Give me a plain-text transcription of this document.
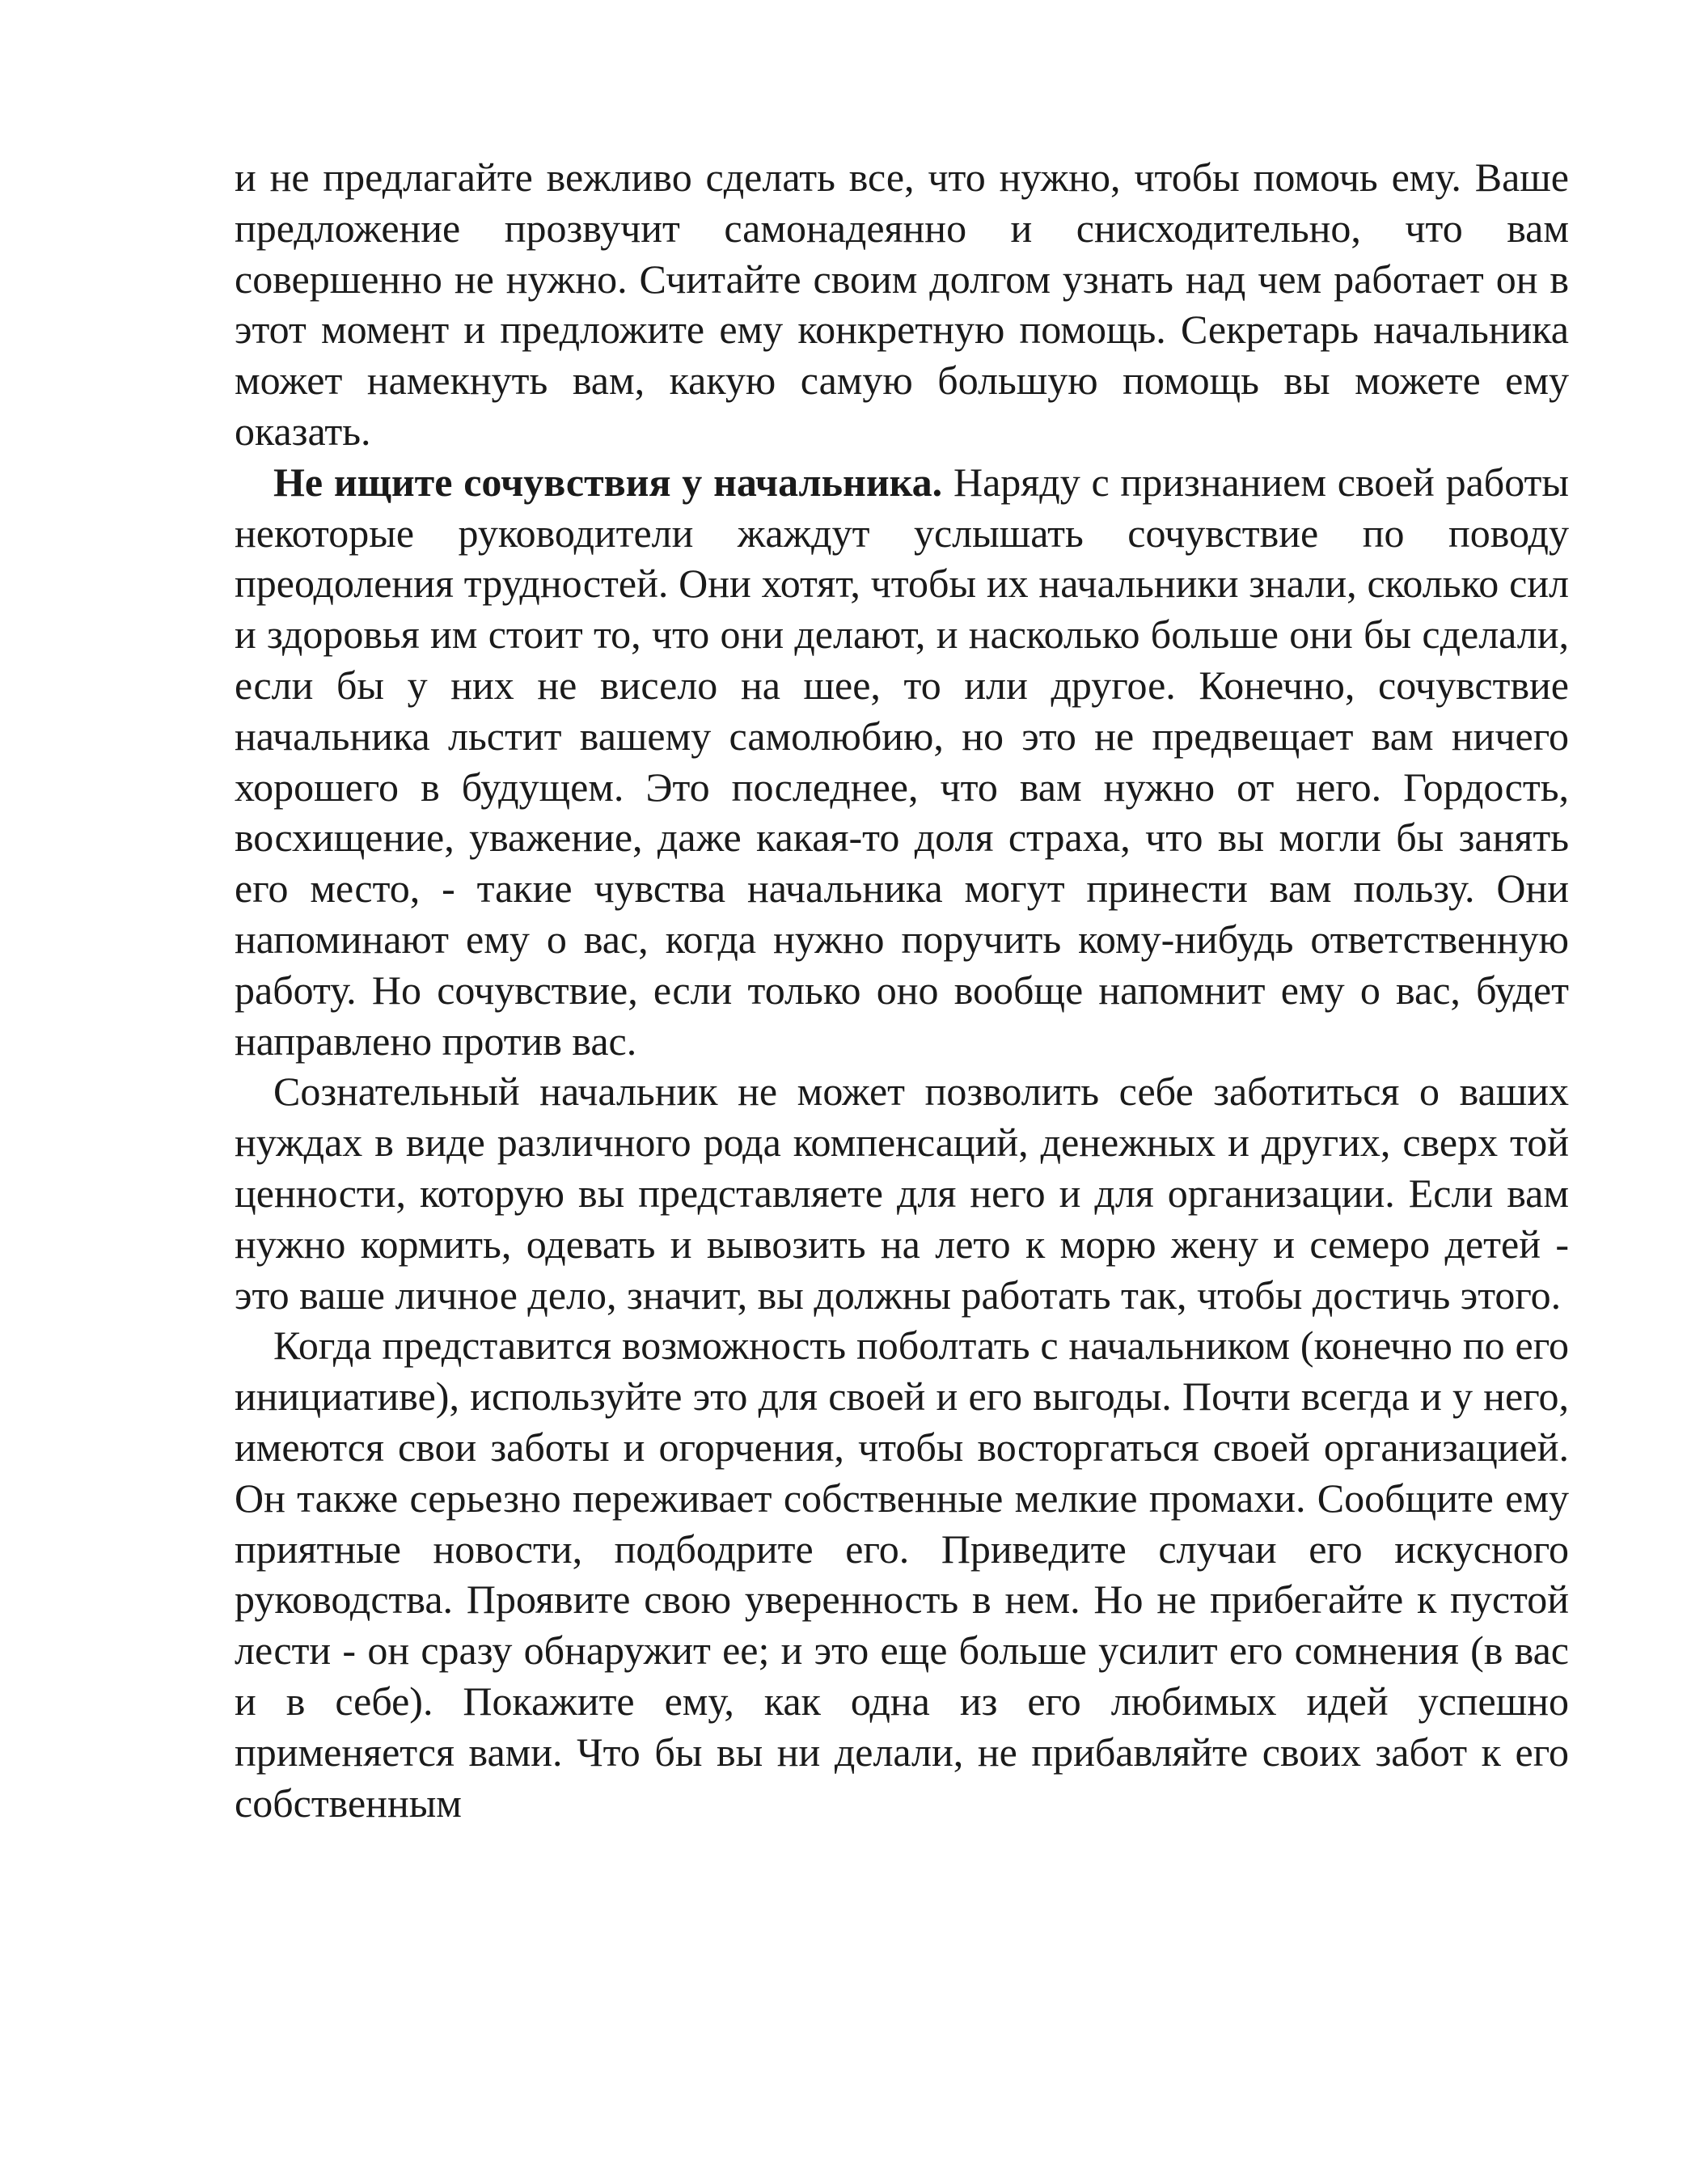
и не предлагайте вежливо сделать все, что нужно, чтобы помочь ему. Ваше предложение прозвучит самонадеянно и снисходительно, что вам совершенно не нужно. Считайте своим долгом узнать над чем работает он в этот момент и предложите ему конкретную помощь. Секретарь начальника может намекнуть вам, какую самую большую помощь вы можете ему оказать.

Не ищите сочувствия у начальника. Наряду с признанием своей работы некоторые руководители жаждут услышать сочувствие по поводу преодоления трудностей. Они хотят, чтобы их начальники знали, сколько сил и здоровья им стоит то, что они делают, и насколько больше они бы сделали, если бы у них не висело на шее, то или другое. Конечно, сочувствие начальника льстит вашему самолюбию, но это не предвещает вам ничего хорошего в будущем. Это последнее, что вам нужно от него. Гордость, восхищение, уважение, даже какая-то доля страха, что вы могли бы занять его место, - такие чувства начальника могут принести вам пользу. Они напоминают ему о вас, когда нужно поручить кому-нибудь ответственную работу. Но сочувствие, если только оно вообще напомнит ему о вас, будет направлено против вас.

Сознательный начальник не может позволить себе заботиться о ваших нуждах в виде различного рода компенсаций, денежных и других, сверх той ценности, которую вы представляете для него и для организации. Если вам нужно кормить, одевать и вывозить на лето к морю жену и семеро детей - это ваше личное дело, значит, вы должны работать так, чтобы достичь этого.

Когда представится возможность поболтать с начальником (конечно по его инициативе), используйте это для своей и его выгоды. Почти всегда и у него, имеются свои заботы и огорчения, чтобы восторгаться своей организацией. Он также серьезно переживает собственные мелкие промахи. Сообщите ему приятные новости, подбодрите его. Приведите случаи его искусного руководства. Проявите свою уверенность в нем. Но не прибегайте к пустой лести - он сразу обнаружит ее; и это еще больше усилит его сомнения (в вас и в себе). Покажите ему, как одна из его любимых идей успешно применяется вами. Что бы вы ни делали, не прибавляйте своих забот к его собственным
